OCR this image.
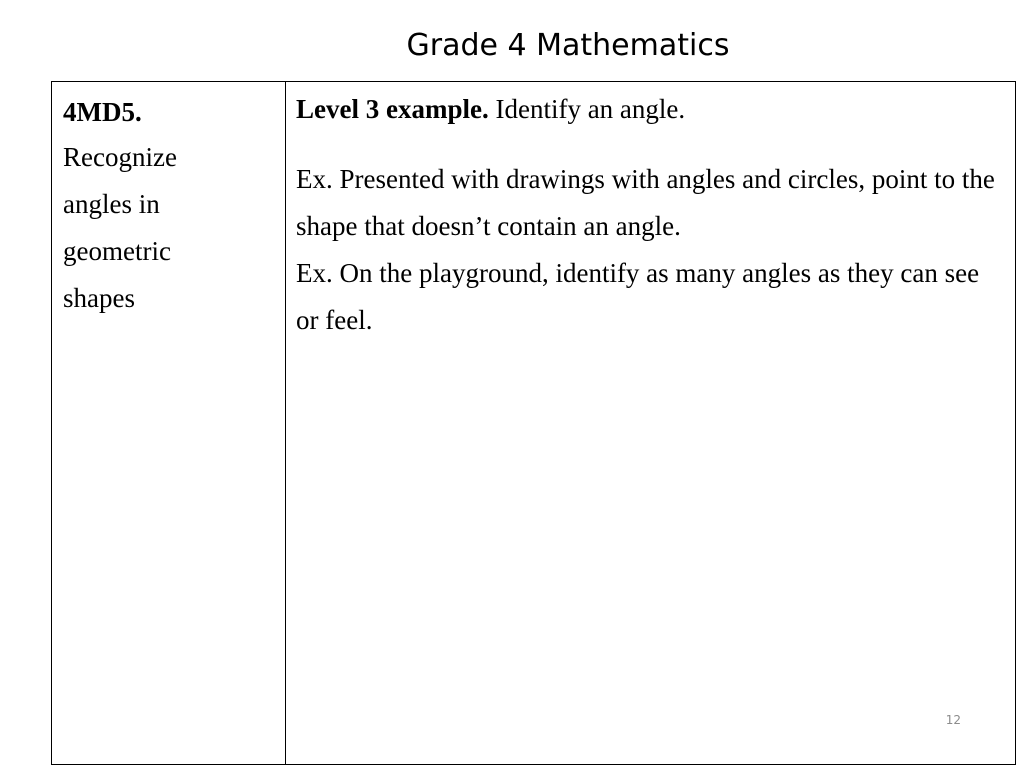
Grade 4 Mathematics
4MD5.
Recognize
angles in
geometric
shapes

Level 3 example. Identify an angle.

Ex. Presented with drawings with angles and circles, point to the shape that doesn’t contain an angle.

Ex. On the playground, identify as many angles as they can see or feel.

12
